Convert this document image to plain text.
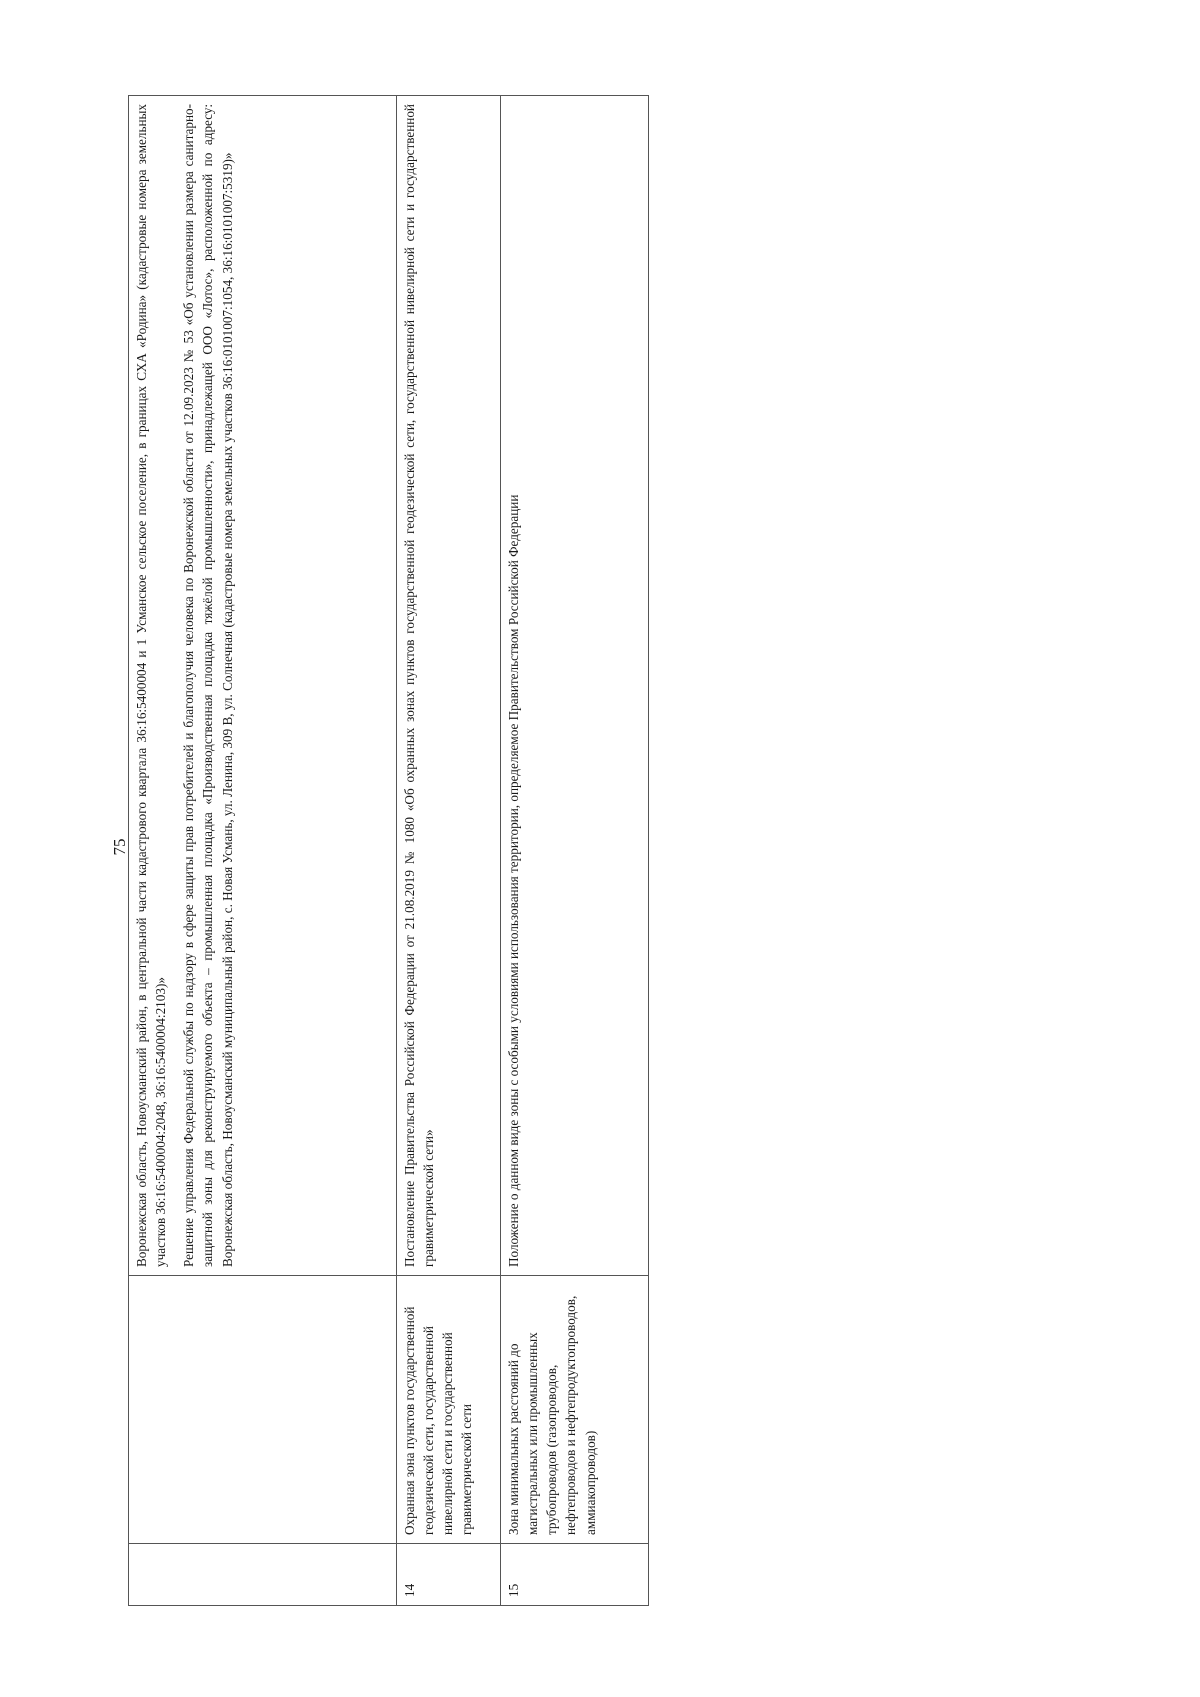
75

		Воронежская область, Новоусманский район, в центральной части кадастрового квартала 36:16:5400004 и 1 Усманское сельское поселение, в границах СХА «Родина» (кадастровые номера земельных участков 36:16:5400004:2048, 36:16:5400004:2103)» Решение управления Федеральной службы по надзору в сфере защиты прав потребителей и благополучия человека по Воронежской области от 12.09.2023 № 53 «Об установлении размера санитарно-защитной зоны для реконструируемого объекта – промышленная площадка «Производственная площадка тяжёлой промышленности», принадлежащей ООО «Лотос», расположенной по адресу: Воронежская область, Новоусманский муниципальный район, с. Новая Усмань, ул. Ленина, 309 В, ул. Солнечная (кадастровые номера земельных участков 36:16:0101007:1054, 36:16:0101007:5319)»

14	Охранная зона пунктов государственной геодезической сети, государственной нивелирной сети и государственной гравиметрической сети	Постановление Правительства Российской Федерации от 21.08.2019 № 1080 «Об охранных зонах пунктов государственной геодезической сети, государственной нивелирной сети и государственной гравиметрической сети»

15	Зона минимальных расстояний до магистральных или промышленных трубопроводов (газопроводов, нефтепроводов и нефтепродуктопроводов, аммиакопроводов)	Положение о данном виде зоны с особыми условиями использования территории, определяемое Правительством Российской Федерации
